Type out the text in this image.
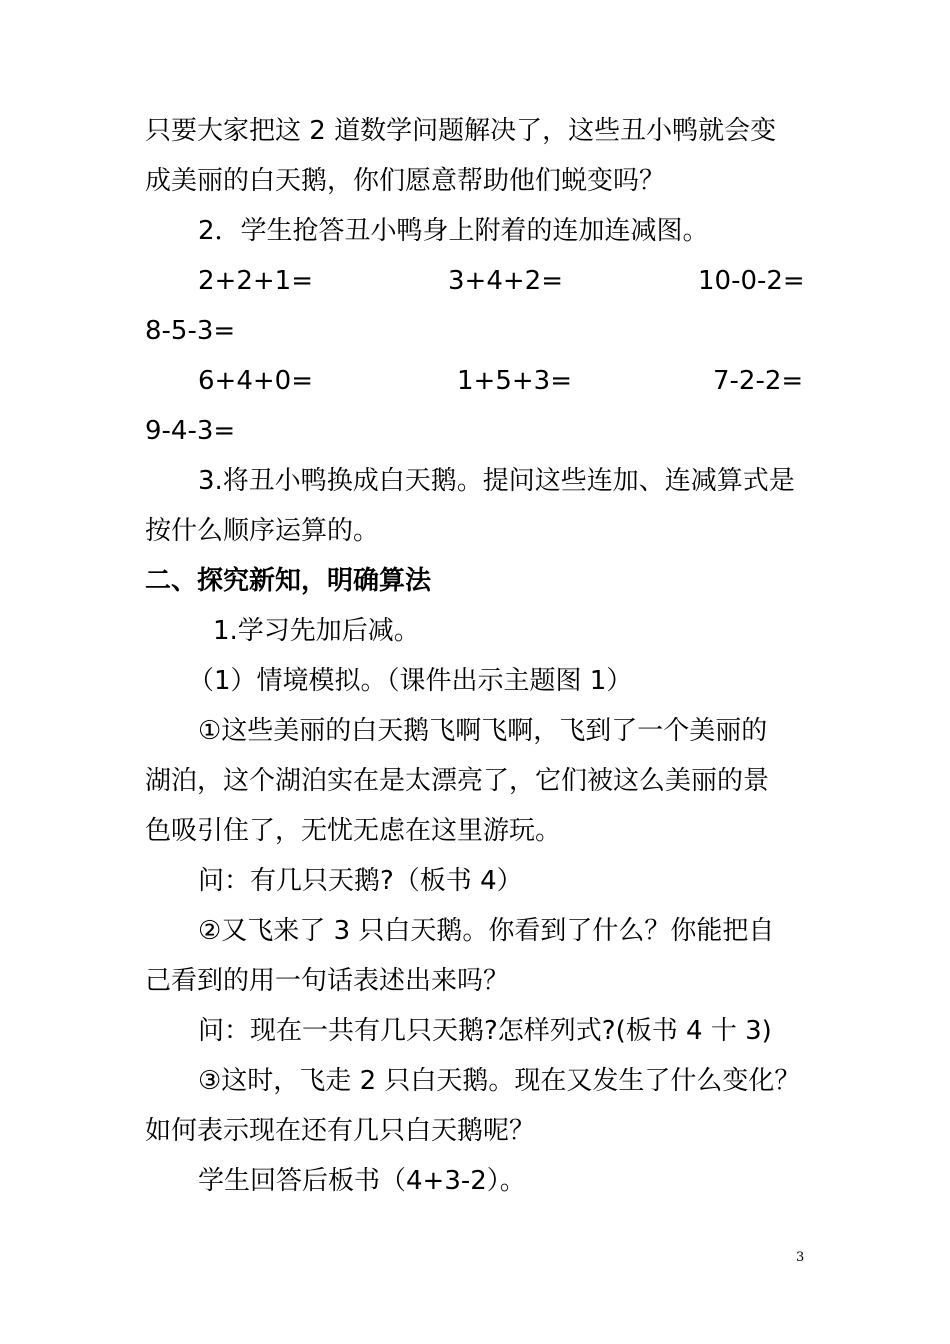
只要大家把这 2 道数学问题解决了，这些丑小鸭就会变
成美丽的白天鹅，你们愿意帮助他们蜕变吗？
2．学生抢答丑小鸭身上附着的连加连减图。
2+2+1=	3+4+2=	10-0-2=
8-5-3=
6+4+0=	1+5+3=	7-2-2=
9-4-3=
3.将丑小鸭换成白天鹅。提问这些连加、连减算式是
按什么顺序运算的。
二、探究新知，明确算法
1.学习先加后减。
（1）情境模拟。（课件出示主题图 1）
①这些美丽的白天鹅飞啊飞啊，飞到了一个美丽的
湖泊，这个湖泊实在是太漂亮了，它们被这么美丽的景
色吸引住了，无忧无虑在这里游玩。
问：有几只天鹅?（板书 4）
②又飞来了 3 只白天鹅。你看到了什么？你能把自
己看到的用一句话表述出来吗？
问：现在一共有几只天鹅?怎样列式?(板书 4 十 3)
③这时，飞走 2 只白天鹅。现在又发生了什么变化？
如何表示现在还有几只白天鹅呢？
学生回答后板书（4+3-2）。
3
